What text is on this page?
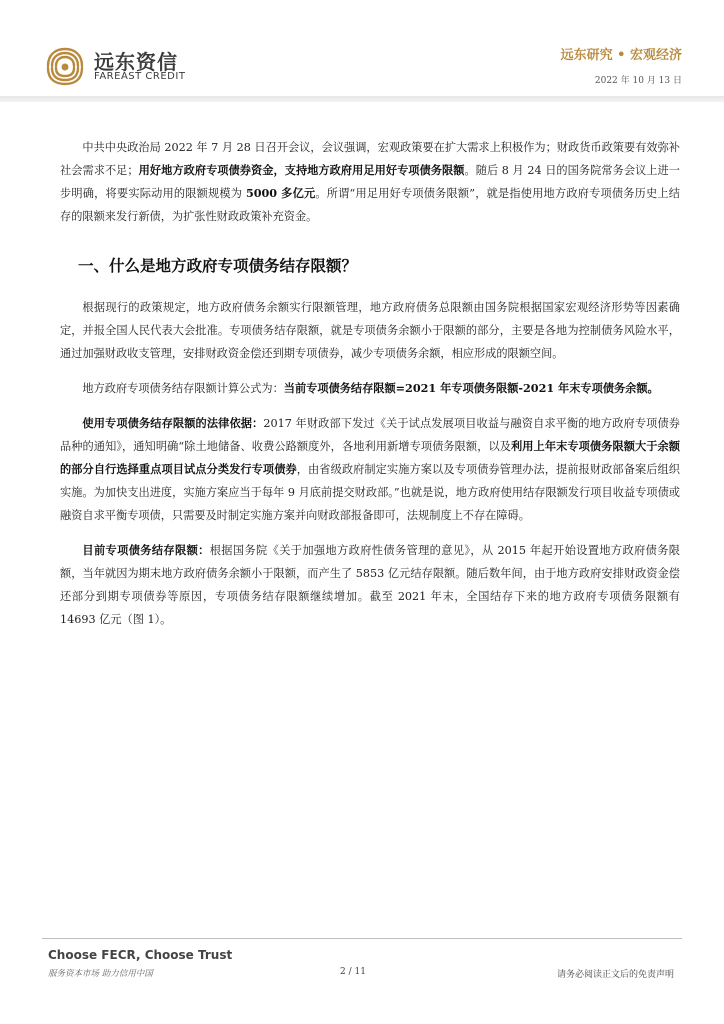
远东资信
FAREAST CREDIT
远东研究 • 宏观经济
2022 年 10 月 13 日

中共中央政治局 2022 年 7 月 28 日召开会议，会议强调，宏观政策要在扩大需求上积极作为；财政货币政策要有效弥补社会需求不足；用好地方政府专项债券资金，支持地方政府用足用好专项债务限额。随后 8 月 24 日的国务院常务会议上进一步明确，将要实际动用的限额规模为 5000 多亿元。所谓“用足用好专项债务限额”，就是指使用地方政府专项债务历史上结存的限额来发行新债，为扩张性财政政策补充资金。

一、什么是地方政府专项债务结存限额？

根据现行的政策规定，地方政府债务余额实行限额管理，地方政府债务总限额由国务院根据国家宏观经济形势等因素确定，并报全国人民代表大会批准。专项债务结存限额，就是专项债务余额小于限额的部分，主要是各地为控制债务风险水平，通过加强财政收支管理，安排财政资金偿还到期专项债券，减少专项债务余额，相应形成的限额空间。

地方政府专项债务结存限额计算公式为：当前专项债务结存限额=2021 年专项债务限额-2021 年末专项债务余额。

使用专项债务结存限额的法律依据：2017 年财政部下发过《关于试点发展项目收益与融资自求平衡的地方政府专项债券品种的通知》，通知明确“除土地储备、收费公路额度外，各地利用新增专项债务限额，以及利用上年末专项债务限额大于余额的部分自行选择重点项目试点分类发行专项债券，由省级政府制定实施方案以及专项债券管理办法，提前报财政部备案后组织实施。为加快支出进度，实施方案应当于每年 9 月底前提交财政部。”也就是说，地方政府使用结存限额发行项目收益专项债或融资自求平衡专项债，只需要及时制定实施方案并向财政部报备即可，法规制度上不存在障碍。

目前专项债务结存限额：根据国务院《关于加强地方政府性债务管理的意见》，从 2015 年起开始设置地方政府债务限额，当年就因为期末地方政府债务余额小于限额，而产生了 5853 亿元结存限额。随后数年间，由于地方政府安排财政资金偿还部分到期专项债券等原因，专项债务结存限额继续增加。截至 2021 年末，全国结存下来的地方政府专项债务限额有 14693 亿元（图 1）。

Choose FECR, Choose Trust
服务资本市场 助力信用中国	2 / 11	请务必阅读正文后的免责声明
